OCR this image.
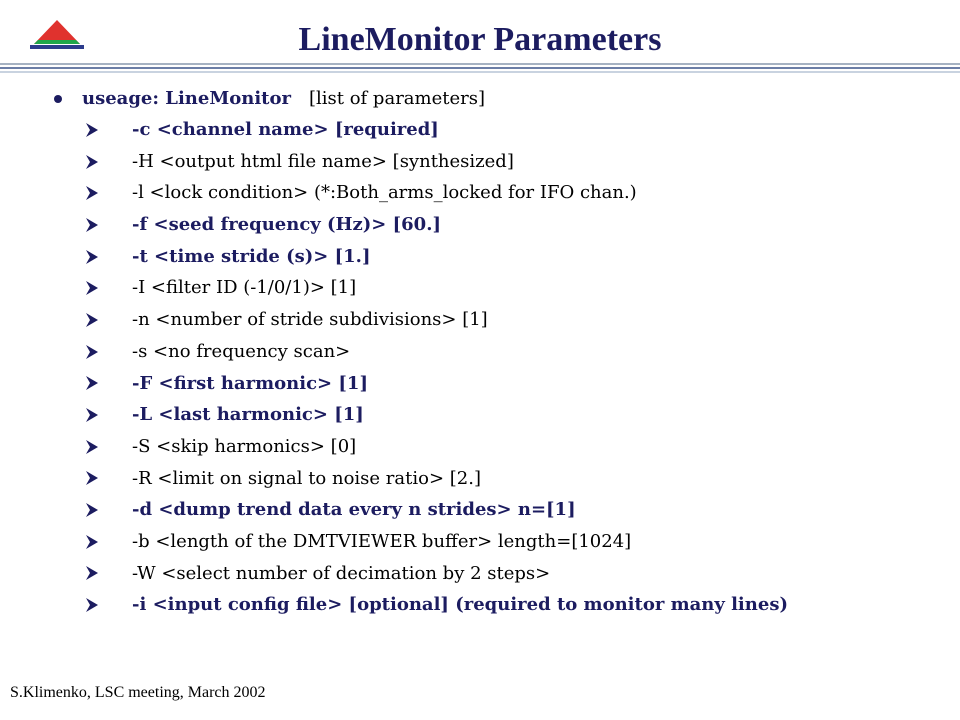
LineMonitor Parameters
useage: LineMonitor [list of parameters]
-c <channel name> [required]
-H <output html file name> [synthesized]
-l <lock condition> (*:Both_arms_locked for IFO chan.)
-f <seed frequency (Hz)> [60.]
-t <time stride (s)> [1.]
-I <filter ID (-1/0/1)> [1]
-n <number of stride subdivisions> [1]
-s <no frequency scan>
-F <first harmonic> [1]
-L <last harmonic> [1]
-S <skip harmonics> [0]
-R <limit on signal to noise ratio> [2.]
-d <dump trend data every n strides> n=[1]
-b <length of the DMTVIEWER buffer> length=[1024]
-W <select number of decimation by 2 steps>
-i <input config file> [optional] (required to monitor many lines)
S.Klimenko, LSC meeting, March 2002
